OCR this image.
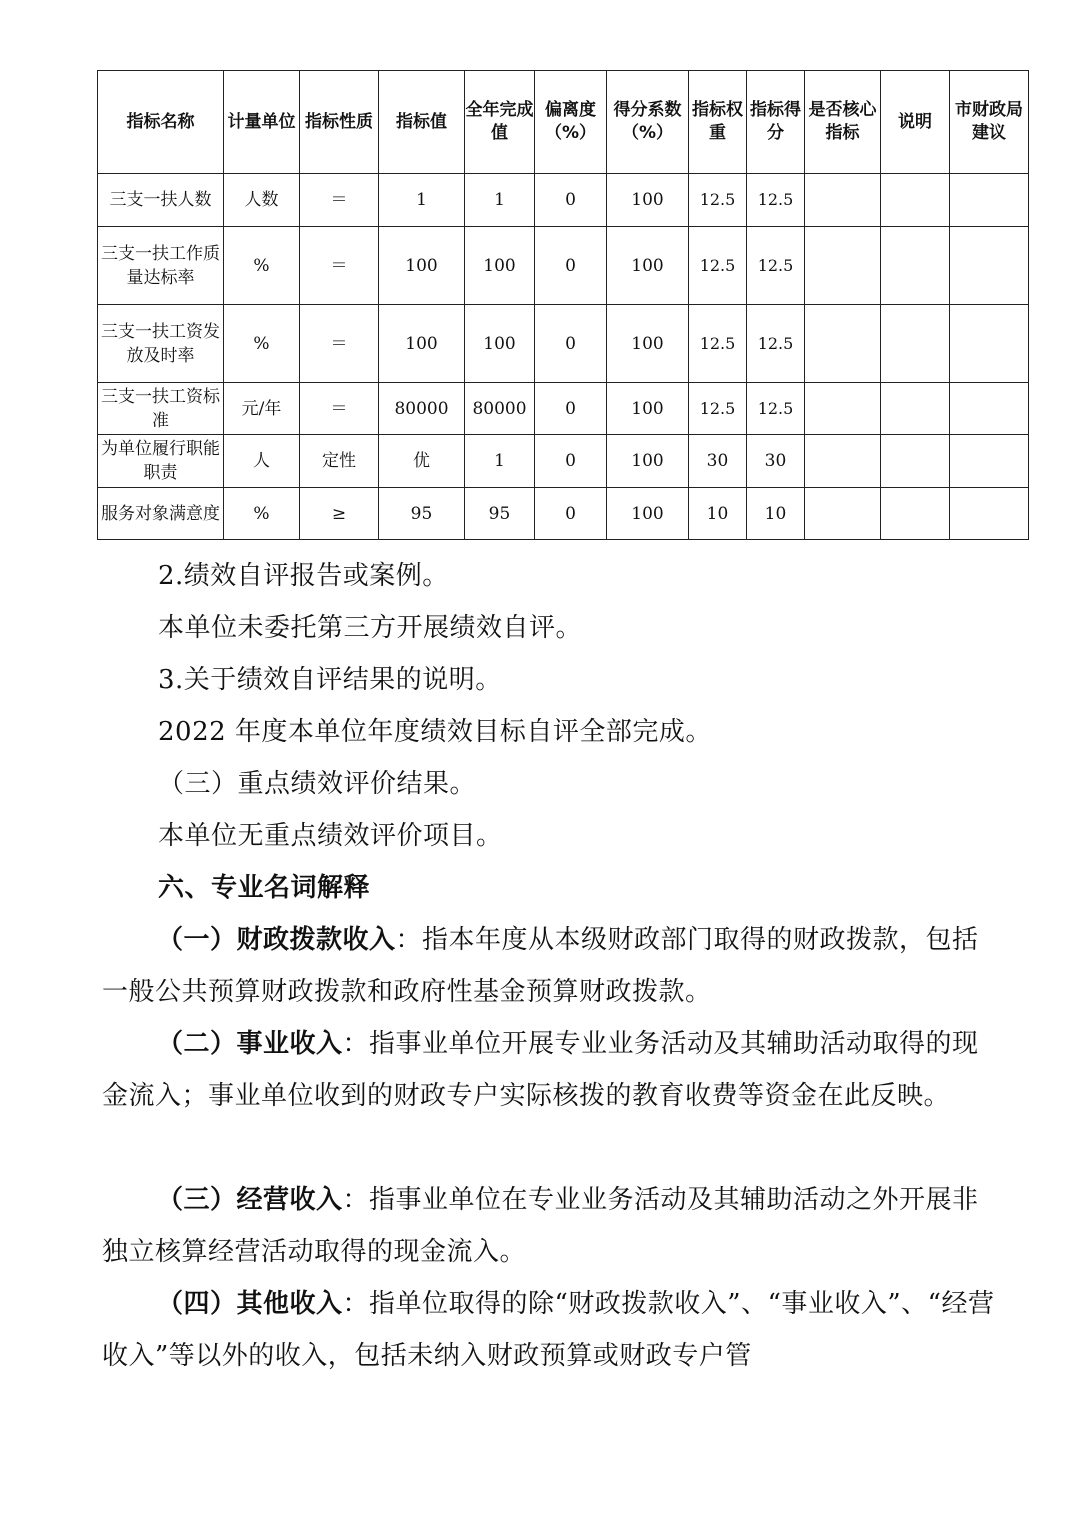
指标名称	计量单位	指标性质	指标值	全年完成值	偏离度（%）	得分系数（%）	指标权重	指标得分	是否核心指标	说明	市财政局建议
三支一扶人数	人数	＝	1	1	0	100	12.5	12.5			
三支一扶工作质量达标率	%	＝	100	100	0	100	12.5	12.5			
三支一扶工资发放及时率	%	＝	100	100	0	100	12.5	12.5			
三支一扶工资标准	元/年	＝	80000	80000	0	100	12.5	12.5			
为单位履行职能职责	人	定性	优	1	0	100	30	30			
服务对象满意度	%	≥	95	95	0	100	10	10			
2.绩效自评报告或案例。
本单位未委托第三方开展绩效自评。
3.关于绩效自评结果的说明。
2022 年度本单位年度绩效目标自评全部完成。
（三）重点绩效评价结果。
本单位无重点绩效评价项目。
六、专业名词解释
（一）财政拨款收入：指本年度从本级财政部门取得的财政拨款，包括一般公共预算财政拨款和政府性基金预算财政拨款。
（二）事业收入：指事业单位开展专业业务活动及其辅助活动取得的现金流入；事业单位收到的财政专户实际核拨的教育收费等资金在此反映。
（三）经营收入：指事业单位在专业业务活动及其辅助活动之外开展非独立核算经营活动取得的现金流入。
（四）其他收入：指单位取得的除“财政拨款收入”、“事业收入”、“经营收入”等以外的收入，包括未纳入财政预算或财政专户管
